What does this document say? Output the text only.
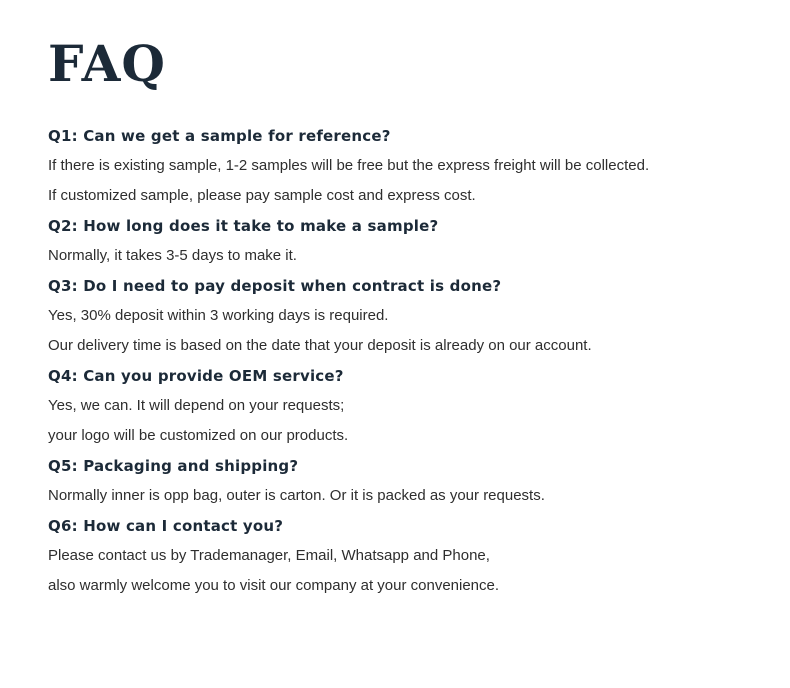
FAQ
Q1: Can we get a sample for reference?
If there is existing sample, 1-2 samples will be free but the express freight will be collected.
If customized sample, please pay sample cost and express cost.
Q2: How long does it take to make a sample?
Normally, it takes 3-5 days to make it.
Q3: Do I need to pay deposit when contract is done?
Yes, 30% deposit within 3 working days is required.
Our delivery time is based on the date that your deposit is already on our account.
Q4: Can you provide OEM service?
Yes, we can. It will depend on your requests;
your logo will be customized on our products.
Q5: Packaging and shipping?
Normally inner is opp bag, outer is carton. Or it is packed as your requests.
Q6: How can I contact you?
Please contact us by Trademanager, Email, Whatsapp and Phone,
also warmly welcome you to visit our company at your convenience.
